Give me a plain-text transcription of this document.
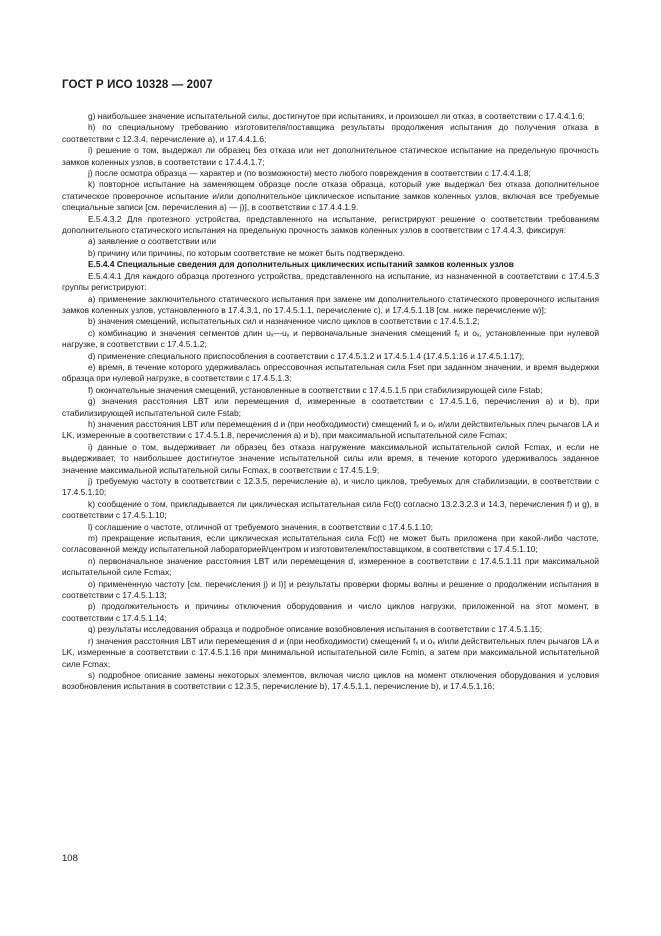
ГОСТ Р ИСО 10328 — 2007

g) наибольшее значение испытательной силы, достигнутое при испытаниях, и произошел ли отказ, в соответствии с 17.4.4.1.6;

h) по специальному требованию изготовителя/поставщика результаты продолжения испытания до получения отказа в соответствии с 12.3.4, перечисление а), и 17.4.4.1.6;

i) решение о том, выдержал ли образец без отказа или нет дополнительное статическое испытание на предельную прочность замков коленных узлов, в соответствии с 17.4.4.1.7;

j) после осмотра образца — характер и (по возможности) место любого повреждения в соответствии с 17.4.4.1.8;

k) повторное испытание на заменяющем образце после отказа образца, который уже выдержал без отказа дополнительное статическое проверочное испытание и/или дополнительное циклическое испытание замков коленных узлов, включая все требуемые специальные записи [см. перечисления а) — j)], в соответствии с 17.4.4.1.9.

Е.5.4.3.2 Для протезного устройства, представленного на испытание, регистрируют решение о соответствии требованиям дополнительного статического испытания на предельную прочность замков коленных узлов в соответствии с 17.4.4.3, фиксируя:

а) заявление о соответствии или

b) причину или причины, по которым соответствие не может быть подтверждено.

Е.5.4.4 Специальные сведения для дополнительных циклических испытаний замков коленных узлов

Е.5.4.4.1 Для каждого образца протезного устройства, представленного на испытание, из назначенной в соответствии с 17.4.5.3 группы регистрируют:

а) применение заключительного статического испытания при заменe им дополнительного статического проверочного испытания замков коленных узлов, установленного в 17.4.3.1, по 17.4.5.1.1, перечисление с), и 17.4.5.1.18 [см. ниже перечисление w)];

b) значения смещений, испытательных сил и назначенное число циклов в соответствии с 17.4.5.1.2;

с) комбинацию и значения сегментов длин uₓ—uᵧ и первоначальные значения смещений fₓ и oₓ, установленные при нулевой нагрузке, в соответствии с 17.4.5.1.2;

d) применение специального приспособления в соответствии с 17.4.5.1.2 и 17.4.5.1.4 (17.4.5.1.16 и 17.4.5.1.17);

е) время, в течение которого удерживалась опрессовочная испытательная сила Fset при заданном значении, и время выдержки образца при нулевой нагрузке, в соответствии с 17.4.5.1.3;

f) окончательные значения смещений, установленные в соответствии с 17.4.5.1.5 при стабилизирующей силе Fstab;

g) значения расстояния LBT или перемещения d, измеренные в соответствии с 17.4.5.1.6, перечисления а) и b), при стабилизирующей испытательной силе Fstab;

h) значения расстояния LBT или перемещения d и (при необходимости) смещений fₓ и oₓ и/или действительных плеч рычагов LA и LK, измеренные в соответствии с 17.4.5.1.8, перечисления а) и b), при максимальной испытательной силе Fcmax;

i) данные о том, выдерживает ли образец без отказа нагружение максимальной испытательной силой Fcmax, и если не выдерживает, то наибольшее достигнутое значение испытательной силы или время, в течение которого удерживалось заданное значение максимальной испытательной силы Fcmax, в соответствии с 17.4.5.1.9;

j) требуемую частоту в соответствии с 12.3.5, перечисление а), и число циклов, требуемых для стабилизации, в соответствии с 17.4.5.1.10;

k) сообщение о том, прикладывается ли циклическая испытательная сила Fc(t) согласно 13.2.3.2.3 и 14.3, перечисления f) и g), в соответствии с 17.4.5.1.10;

l) соглашение о частоте, отличной от требуемого значения, в соответствии с 17.4.5.1.10;

m) прекращение испытания, если циклическая испытательная сила Fc(t) не может быть приложена при какой-либо частоте, согласованной между испытательной лабораторией/центром и изготовителем/поставщиком, в соответствии с 17.4.5.1.10;

n) первоначальное значение расстояния LBT или перемещения d, измеренное в соответствии с 17.4.5.1.11 при максимальной испытательной силе Fcmax;

о) примененную частоту [см. перечисления j) и l)] и результаты проверки формы волны и решение о продолжении испытания в соответствии с 17.4.5.1.13;

р) продолжительность и причины отключения оборудования и число циклов нагрузки, приложенной на этот момент, в соответствии с 17.4.5.1.14;

q) результаты исследования образца и подробное описание возобновления испытания в соответствии с 17.4.5.1.15;

r) значения расстояния LBT или перемещения d и (при необходимости) смещений fₓ и oₓ и/или действительных плеч рычагов LA и LK, измеренные в соответствии с 17.4.5.1.16 при минимальной испытательной силе Fcmin, а затем при максимальной испытательной силе Fcmax;

s) подробное описание замены некоторых элементов, включая число циклов на момент отключения оборудования и условия возобновления испытания в соответствии с 12.3.5, перечисление b), 17.4.5.1.1, перечисление b), и 17.4.5.1.16;

108
